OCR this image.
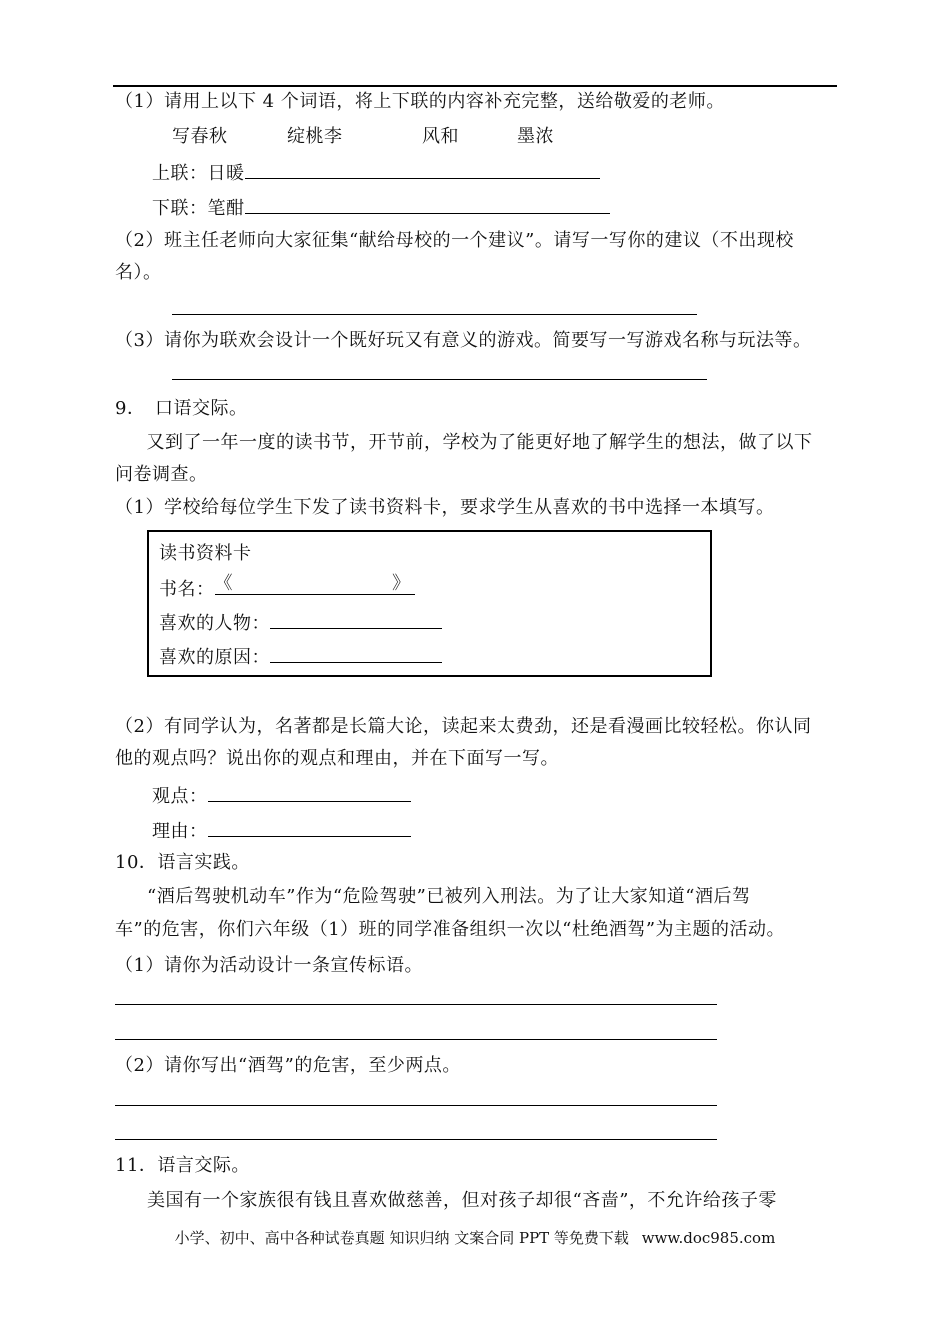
（1）请用上以下 4 个词语，将上下联的内容补充完整，送给敬爱的老师。
写春秋	绽桃李	风和	墨浓
上联：日暖
下联：笔酣
（2）班主任老师向大家征集“献给母校的一个建议”。请写一写你的建议（不出现校
名）。
（3）请你为联欢会设计一个既好玩又有意义的游戏。简要写一写游戏名称与玩法等。
9．　口语交际。
　又到了一年一度的读书节，开节前，学校为了能更好地了解学生的想法，做了以下
问卷调查。
（1）学校给每位学生下发了读书资料卡，要求学生从喜欢的书中选择一本填写。
读书资料卡
书名： 《	》
喜欢的人物：
喜欢的原因：
（2）有同学认为，名著都是长篇大论，读起来太费劲，还是看漫画比较轻松。你认同
他的观点吗？说出你的观点和理由，并在下面写一写。
观点：
理由：
10．语言实践。
“酒后驾驶机动车”作为“危险驾驶”已被列入刑法。为了让大家知道“酒后驾
车”的危害，你们六年级（1）班的同学准备组织一次以“杜绝酒驾”为主题的活动。
（1）请你为活动设计一条宣传标语。
（2）请你写出“酒驾”的危害，至少两点。
11．语言交际。
美国有一个家族很有钱且喜欢做慈善，但对孩子却很“吝啬”，不允许给孩子零
小学、初中、高中各种试卷真题 知识归纳 文案合同 PPT 等免费下载 www.doc985.com
